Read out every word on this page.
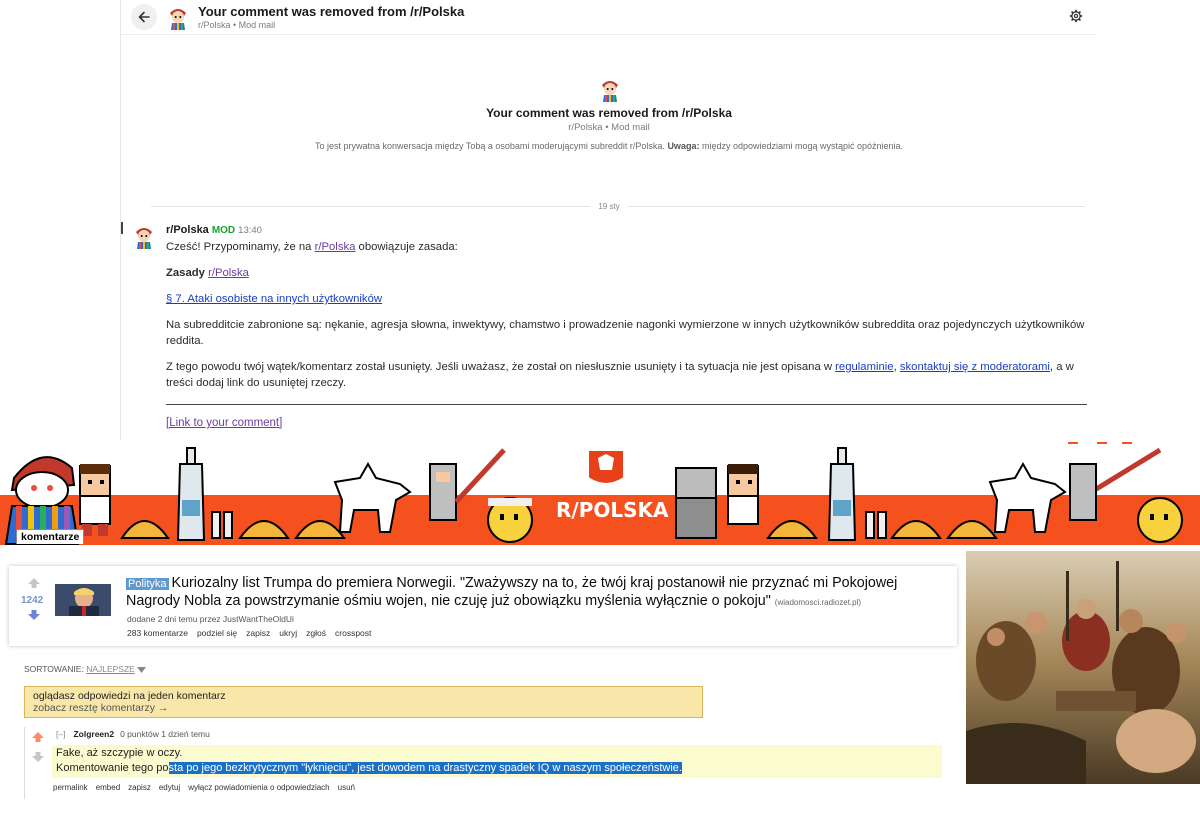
Your comment was removed from /r/Polska
r/Polska • Mod mail
Your comment was removed from /r/Polska
r/Polska • Mod mail
To jest prywatna konwersacja między Tobą a osobami moderującymi subreddit r/Polska. Uwaga: między odpowiedziami mogą wystąpić opóźnienia.
19 sty
r/Polska MOD 13:40

Cześć! Przypominamy, że na r/Polska obowiązuje zasada:

Zasady r/Polska

§ 7. Ataki osobiste na innych użytkowników

Na subredditcie zabronione są: nękanie, agresja słowna, inwektywy, chamstwo i prowadzenie nagonki wymierzone w innych użytkowników subreddita oraz pojedynczych użytkowników reddita.

Z tego powodu twój wątek/komentarz został usunięty. Jeśli uważasz, że został on niesłusznie usunięty i ta sytuacja nie jest opisana w regulaminie, skontaktuj się z moderatorami, a w treści dodaj link do usuniętej rzeczy.

[Link to your comment]
R/POLSKA
komentarze
1242
Polityka Kuriozalny list Trumpa do premiera Norwegii. "Zważywszy na to, że twój kraj postanowił nie przyznać mi Pokojowej Nagrody Nobla za powstrzymanie ośmiu wojen, nie czuję już obowiązku myślenia wyłącznie o pokoju" (wiadomosci.radiozet.pl)
dodane 2 dni temu przez JustWantTheOldUi
283 komentarze podziel się zapisz ukryj zgłoś crosspost
SORTOWANIE: NAJLEPSZE
oglądasz odpowiedzi na jeden komentarz
zobacz resztę komentarzy →
[–] Zolgreen2 0 punktów 1 dzień temu
Fake, aż szczypie w oczy.
Komentowanie tego posta po jego bezkrytycznym "łyknięciu", jest dowodem na drastyczny spadek IQ w naszym społeczeństwie.
permalink embed zapisz edytuj wyłącz powiadomienia o odpowiedziach usuń
